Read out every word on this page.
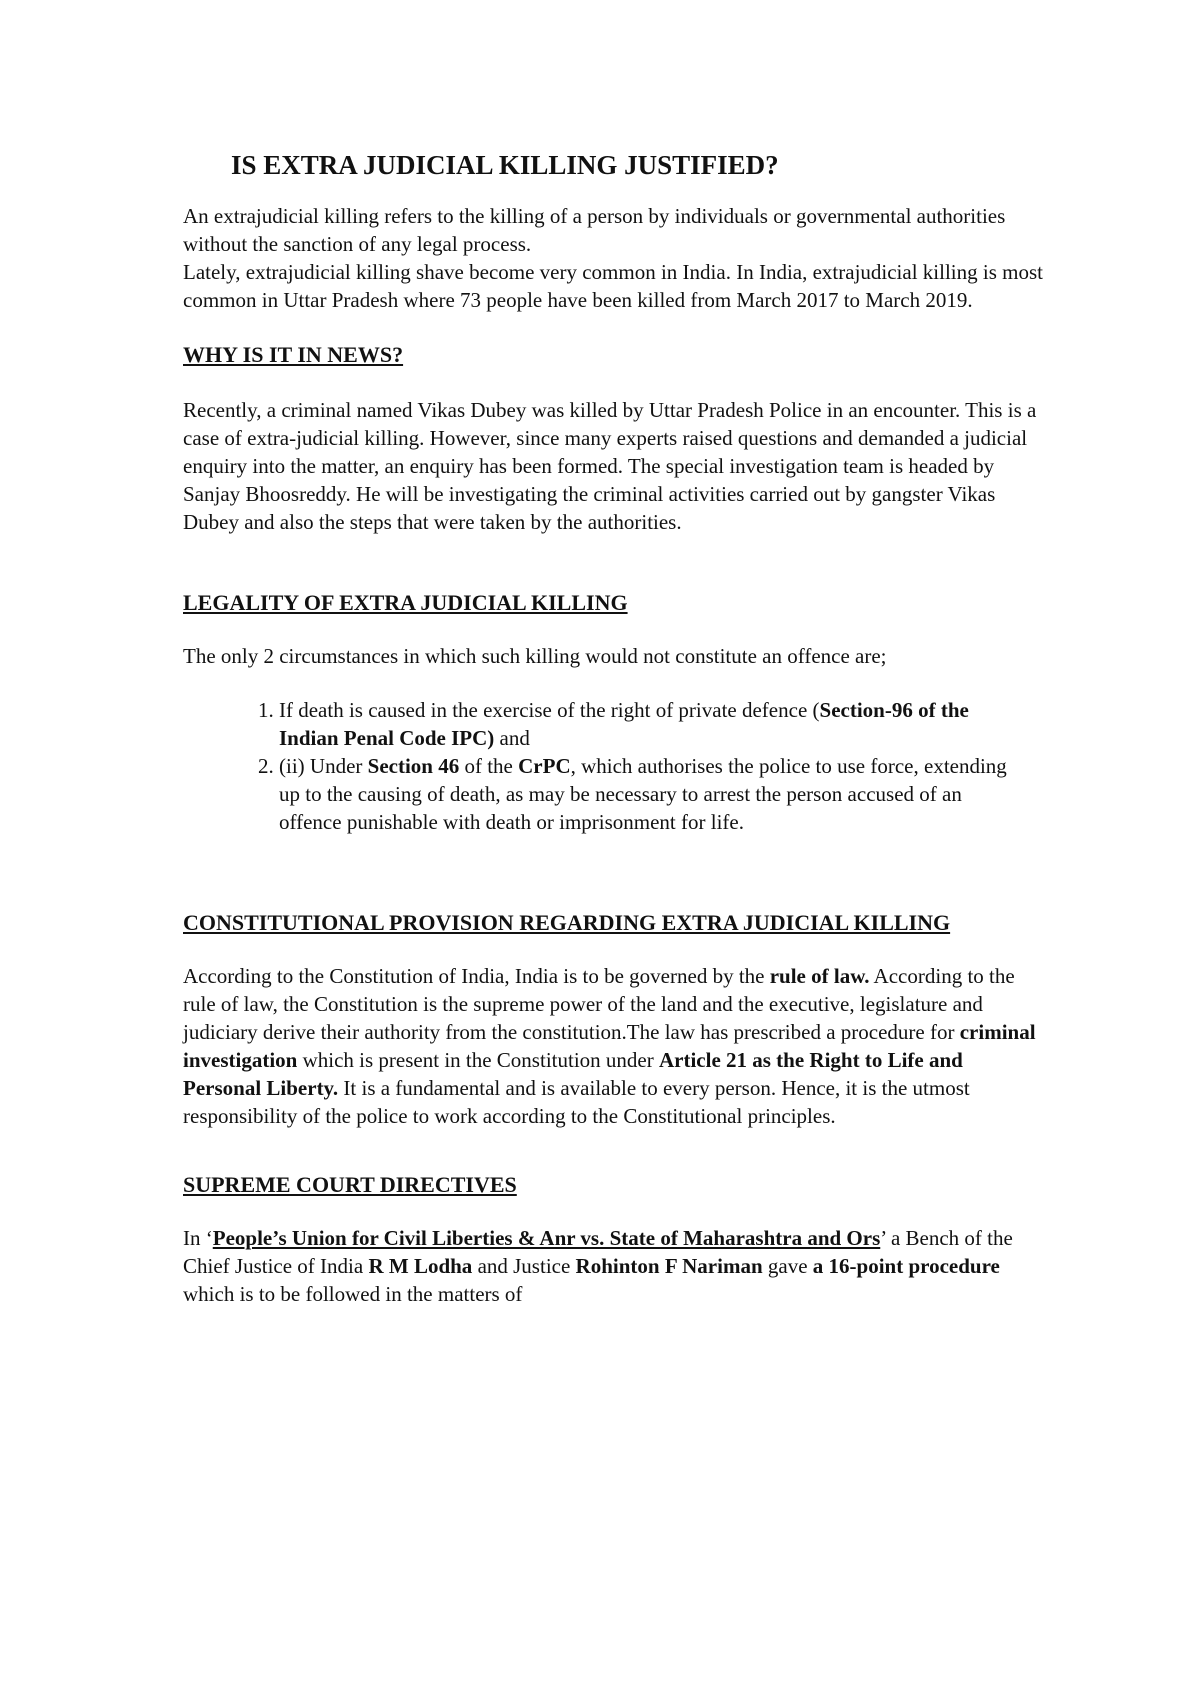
IS EXTRA JUDICIAL KILLING JUSTIFIED?

An extrajudicial killing refers to the killing of a person by individuals or governmental authorities without the sanction of any legal process.

Lately, extrajudicial killing shave become very common in India. In India, extrajudicial killing is most common in Uttar Pradesh where 73 people have been killed from March 2017 to March 2019.

WHY IS IT IN NEWS?

Recently, a criminal named Vikas Dubey was killed by Uttar Pradesh Police in an encounter. This is a case of extra-judicial killing. However, since many experts raised questions and demanded a judicial enquiry into the matter, an enquiry has been formed. The special investigation team is headed by Sanjay Bhoosreddy. He will be investigating the criminal activities carried out by gangster Vikas Dubey and also the steps that were taken by the authorities.

LEGALITY OF EXTRA JUDICIAL KILLING

The only 2 circumstances in which such killing would not constitute an offence are;

1. If death is caused in the exercise of the right of private defence (Section-96 of the Indian Penal Code IPC) and
2. (ii) Under Section 46 of the CrPC, which authorises the police to use force, extending up to the causing of death, as may be necessary to arrest the person accused of an offence punishable with death or imprisonment for life.
CONSTITUTIONAL PROVISION REGARDING EXTRA JUDICIAL KILLING

According to the Constitution of India, India is to be governed by the rule of law. According to the rule of law, the Constitution is the supreme power of the land and the executive, legislature and judiciary derive their authority from the constitution.The law has prescribed a procedure for criminal investigation which is present in the Constitution under Article 21 as the Right to Life and Personal Liberty. It is a fundamental and is available to every person. Hence, it is the utmost responsibility of the police to work according to the Constitutional principles.

SUPREME COURT DIRECTIVES

In ‘People’s Union for Civil Liberties & Anr vs. State of Maharashtra and Ors’ a Bench of the Chief Justice of India R M Lodha and Justice Rohinton F Nariman gave a 16-point procedure which is to be followed in the matters of
